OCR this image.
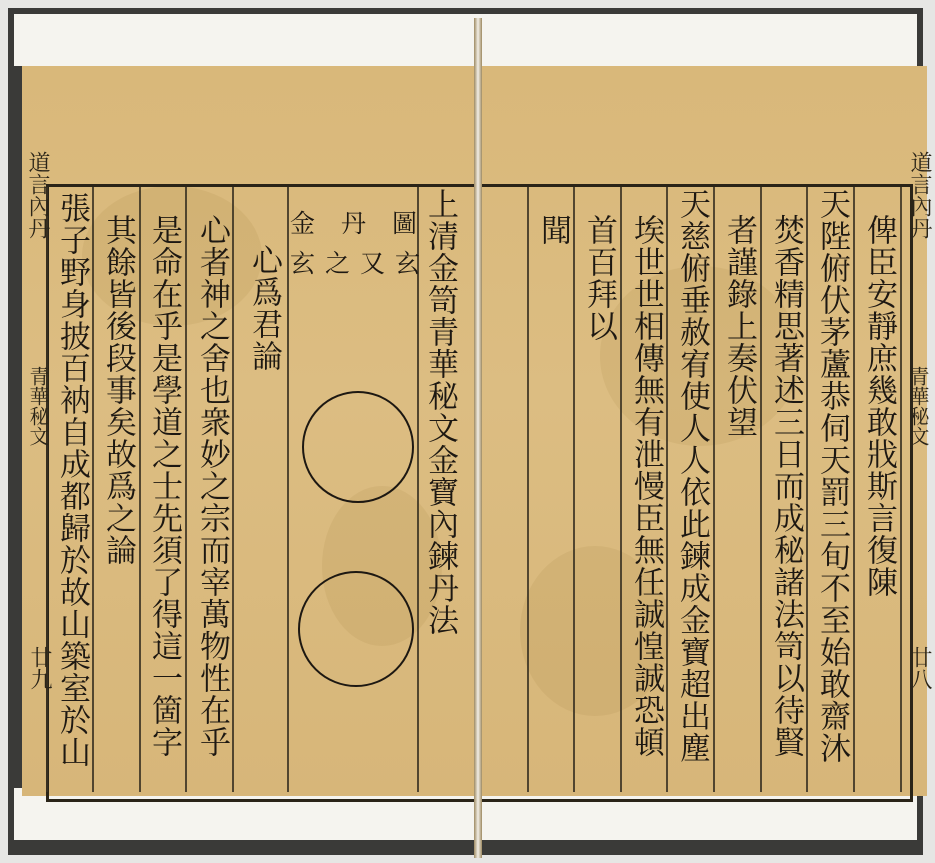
道言內丹
青華秘文
廿九 張子野身披百衲自成都歸於故山築室於山 其餘皆後段事矣故爲之論 是命在乎是學道之士先須了得這一箇字 心者神之舍也衆妙之宗而宰萬物性在乎 心爲君論 玄之又玄
金丹圖
上清金笥青華秘文金寶內鍊丹法 聞 首百拜以 埃世世相傳無有泄慢臣無任誠惶誠恐頓 天慈俯垂赦宥使人人依此鍊成金寶超出塵 者謹錄上奏伏望 焚香精思著述三日而成秘諸法笥以待賢 天陛俯伏茅蘆恭伺天罰三旬不至始敢齋沐 俾臣安靜庶幾敢戕斯言復陳
道言內丹
青華秘文
廿八
